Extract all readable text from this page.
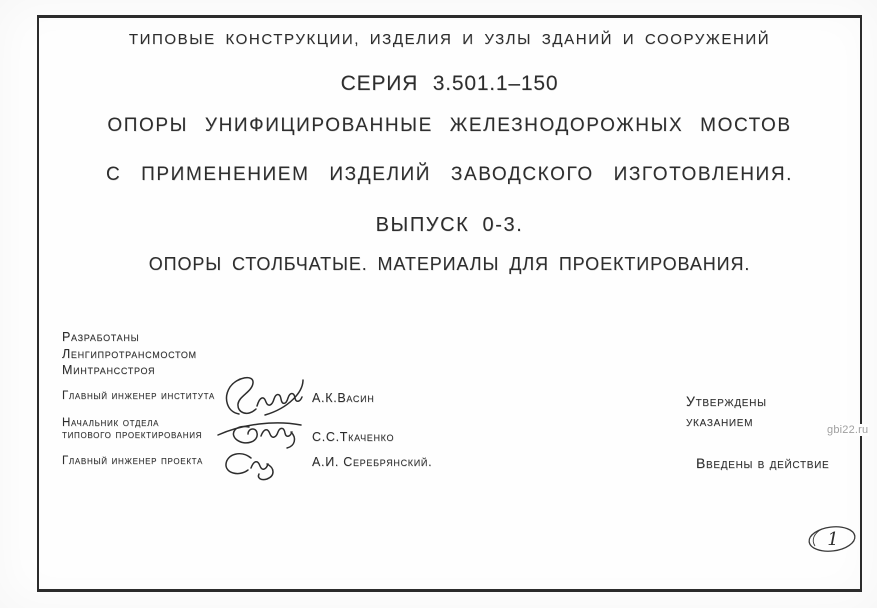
ТИПОВЫЕ КОНСТРУКЦИИ, ИЗДЕЛИЯ И УЗЛЫ ЗДАНИЙ И СООРУЖЕНИЙ
СЕРИЯ 3.501.1–150
ОПОРЫ УНИФИЦИРОВАННЫЕ ЖЕЛЕЗНОДОРОЖНЫХ МОСТОВ
С ПРИМЕНЕНИЕМ ИЗДЕЛИЙ ЗАВОДСКОГО ИЗГОТОВЛЕНИЯ.
ВЫПУСК 0-3.
ОПОРЫ СТОЛБЧАТЫЕ. МАТЕРИАЛЫ ДЛЯ ПРОЕКТИРОВАНИЯ.
Разработаны
Ленгипротрансмостом
Минтрансстроя
Главный инженер института
Начальник отдела
типового проектирования
Главный инженер проекта
А.К.Васин
С.С.Ткаченко
А.И. Серебрянский.
Утверждены
указанием
Введены в действие
gbi22.ru
1
